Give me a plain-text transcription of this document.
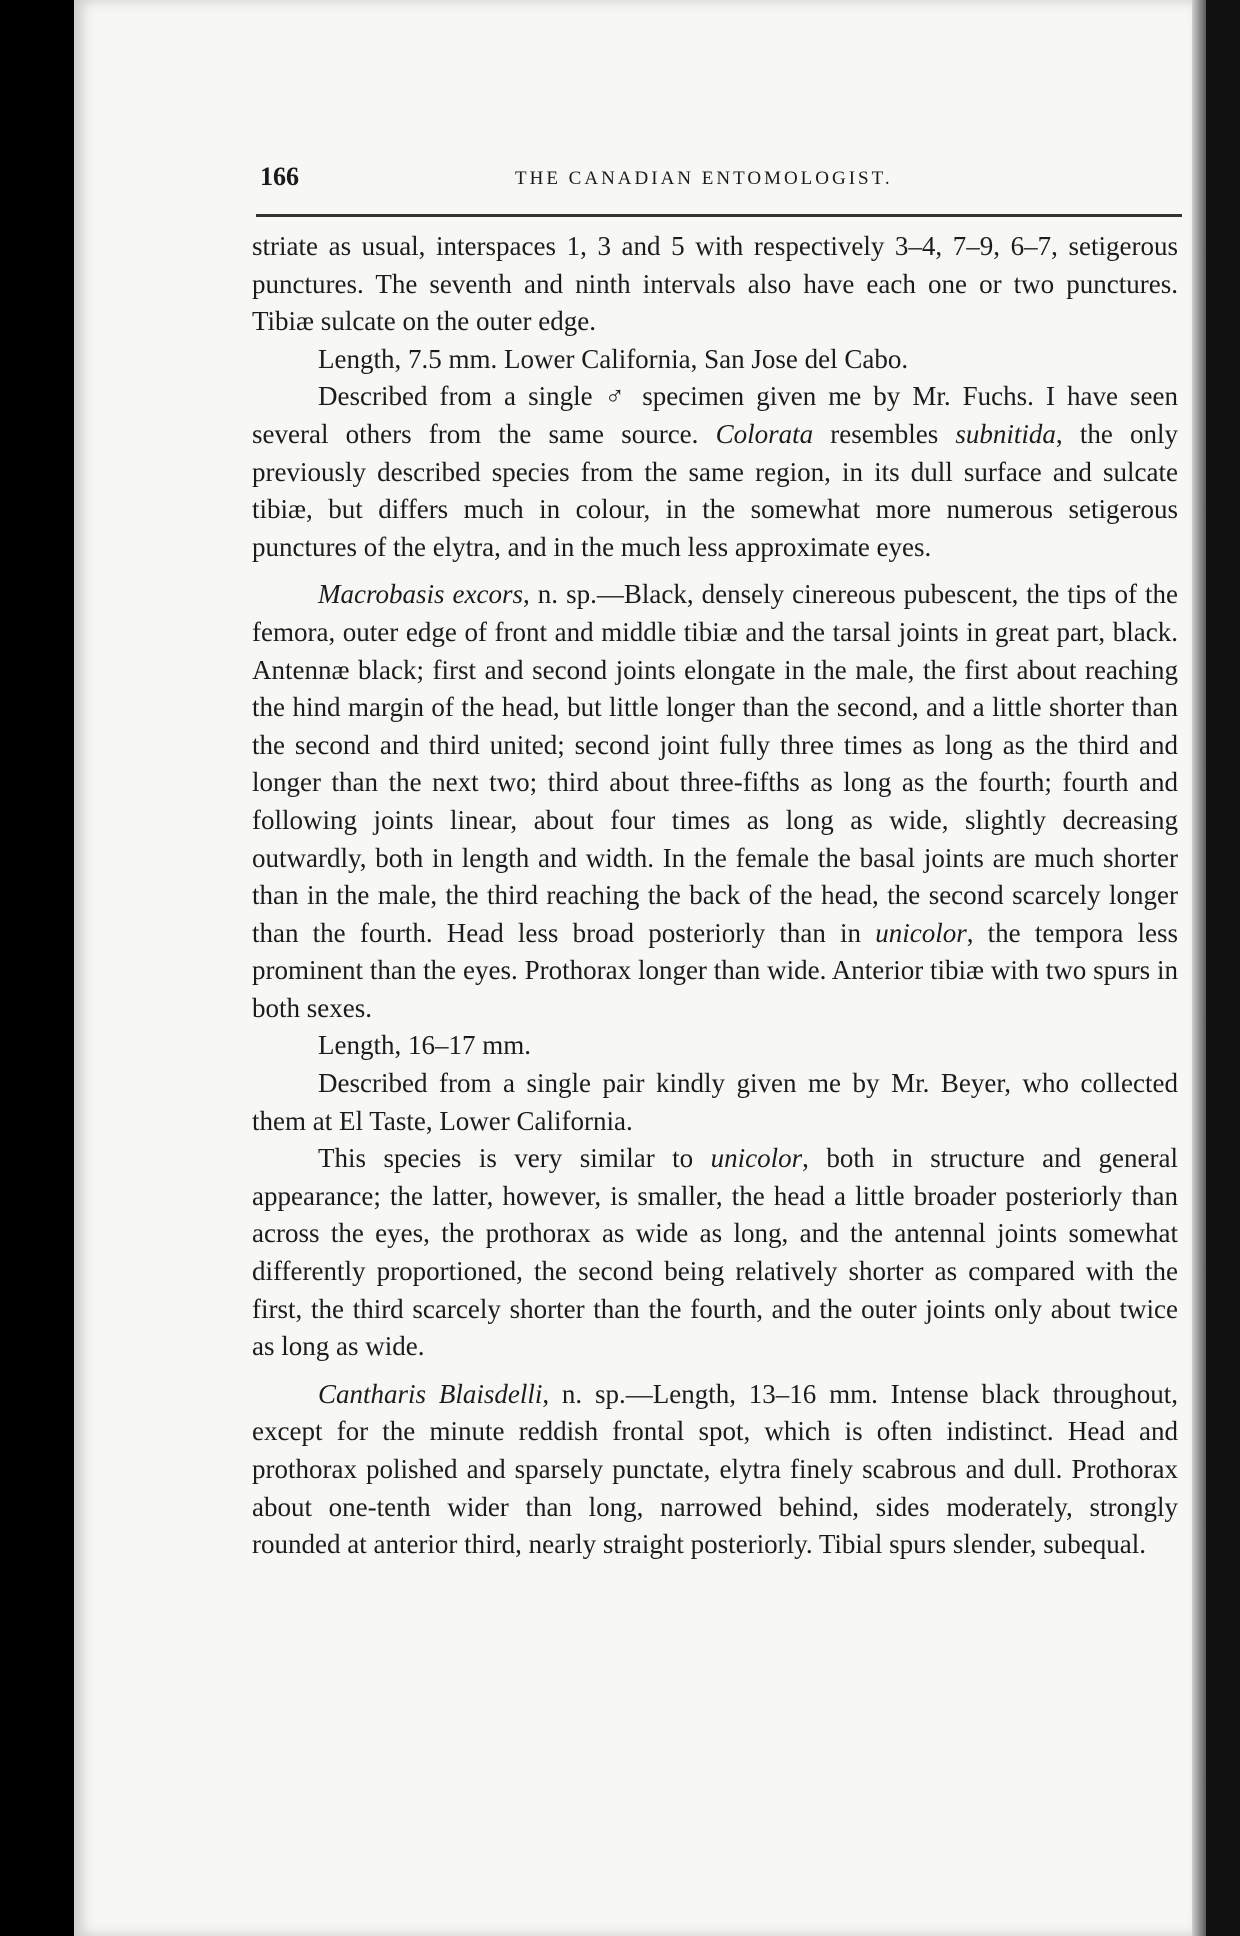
166	THE CANADIAN ENTOMOLOGIST.

striate as usual, interspaces 1, 3 and 5 with respectively 3–4, 7–9, 6–7, setigerous punctures. The seventh and ninth intervals also have each one or two punctures. Tibiæ sulcate on the outer edge.

Length, 7.5 mm. Lower California, San Jose del Cabo.

Described from a single ♂ specimen given me by Mr. Fuchs. I have seen several others from the same source. Colorata resembles subnitida, the only previously described species from the same region, in its dull surface and sulcate tibiæ, but differs much in colour, in the somewhat more numerous setigerous punctures of the elytra, and in the much less approximate eyes.

Macrobasis excors, n. sp.—Black, densely cinereous pubescent, the tips of the femora, outer edge of front and middle tibiæ and the tarsal joints in great part, black. Antennæ black; first and second joints elongate in the male, the first about reaching the hind margin of the head, but little longer than the second, and a little shorter than the second and third united; second joint fully three times as long as the third and longer than the next two; third about three-fifths as long as the fourth; fourth and following joints linear, about four times as long as wide, slightly decreasing outwardly, both in length and width. In the female the basal joints are much shorter than in the male, the third reaching the back of the head, the second scarcely longer than the fourth. Head less broad posteriorly than in unicolor, the tempora less prominent than the eyes. Prothorax longer than wide. Anterior tibiæ with two spurs in both sexes.

Length, 16–17 mm.

Described from a single pair kindly given me by Mr. Beyer, who collected them at El Taste, Lower California.

This species is very similar to unicolor, both in structure and general appearance; the latter, however, is smaller, the head a little broader posteriorly than across the eyes, the prothorax as wide as long, and the antennal joints somewhat differently proportioned, the second being relatively shorter as compared with the first, the third scarcely shorter than the fourth, and the outer joints only about twice as long as wide.

Cantharis Blaisdelli, n. sp.—Length, 13–16 mm. Intense black throughout, except for the minute reddish frontal spot, which is often indistinct. Head and prothorax polished and sparsely punctate, elytra finely scabrous and dull. Prothorax about one-tenth wider than long, narrowed behind, sides moderately, strongly rounded at anterior third, nearly straight posteriorly. Tibial spurs slender, subequal.
